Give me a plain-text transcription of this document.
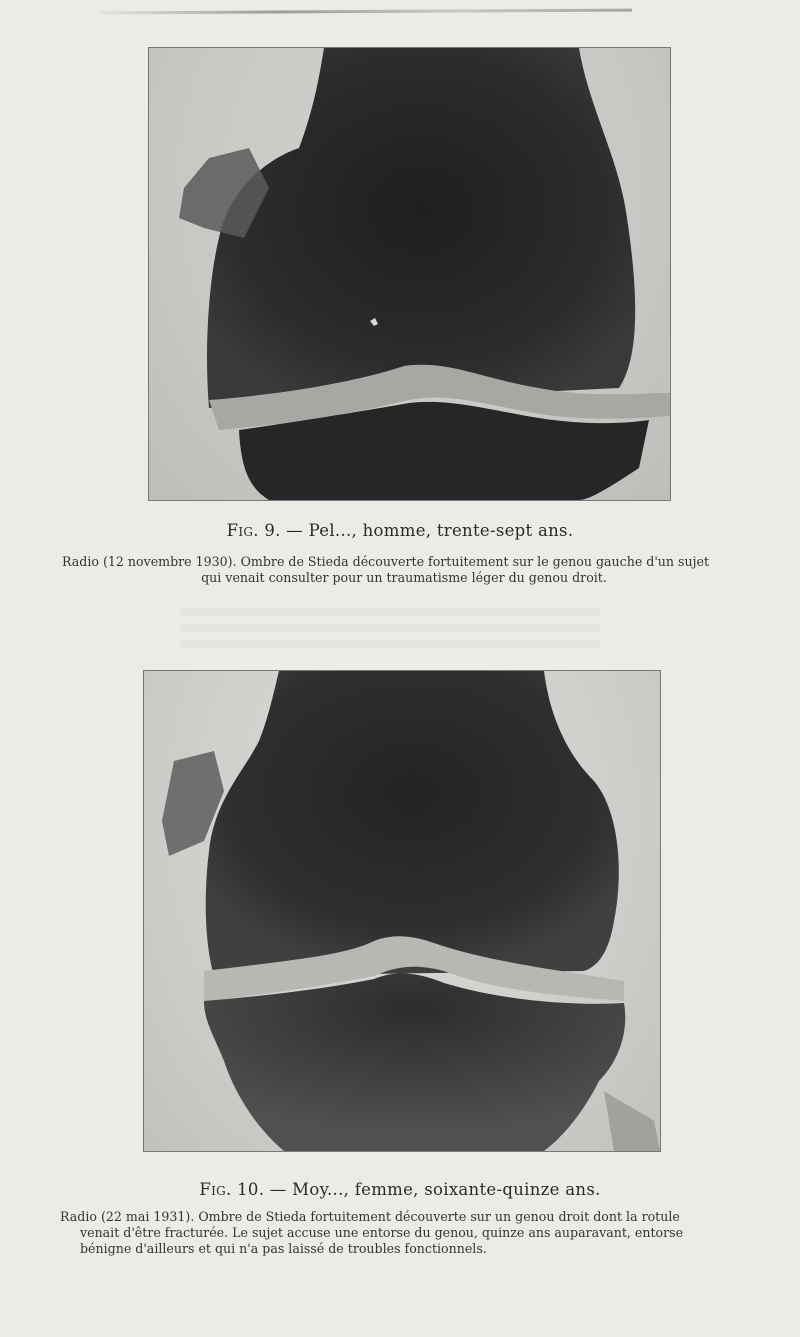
Fig. 9. — Pel..., homme, trente-sept ans.
Radio (12 novembre 1930). Ombre de Stieda découverte fortuitement sur le genou gauche d'un sujet
qui venait consulter pour un traumatisme léger du genou droit.
Fig. 10. — Moy..., femme, soixante-quinze ans.
Radio (22 mai 1931). Ombre de Stieda fortuitement découverte sur un genou droit dont la rotule
venait d'être fracturée. Le sujet accuse une entorse du genou, quinze ans auparavant, entorse
bénigne d'ailleurs et qui n'a pas laissé de troubles fonctionnels.
